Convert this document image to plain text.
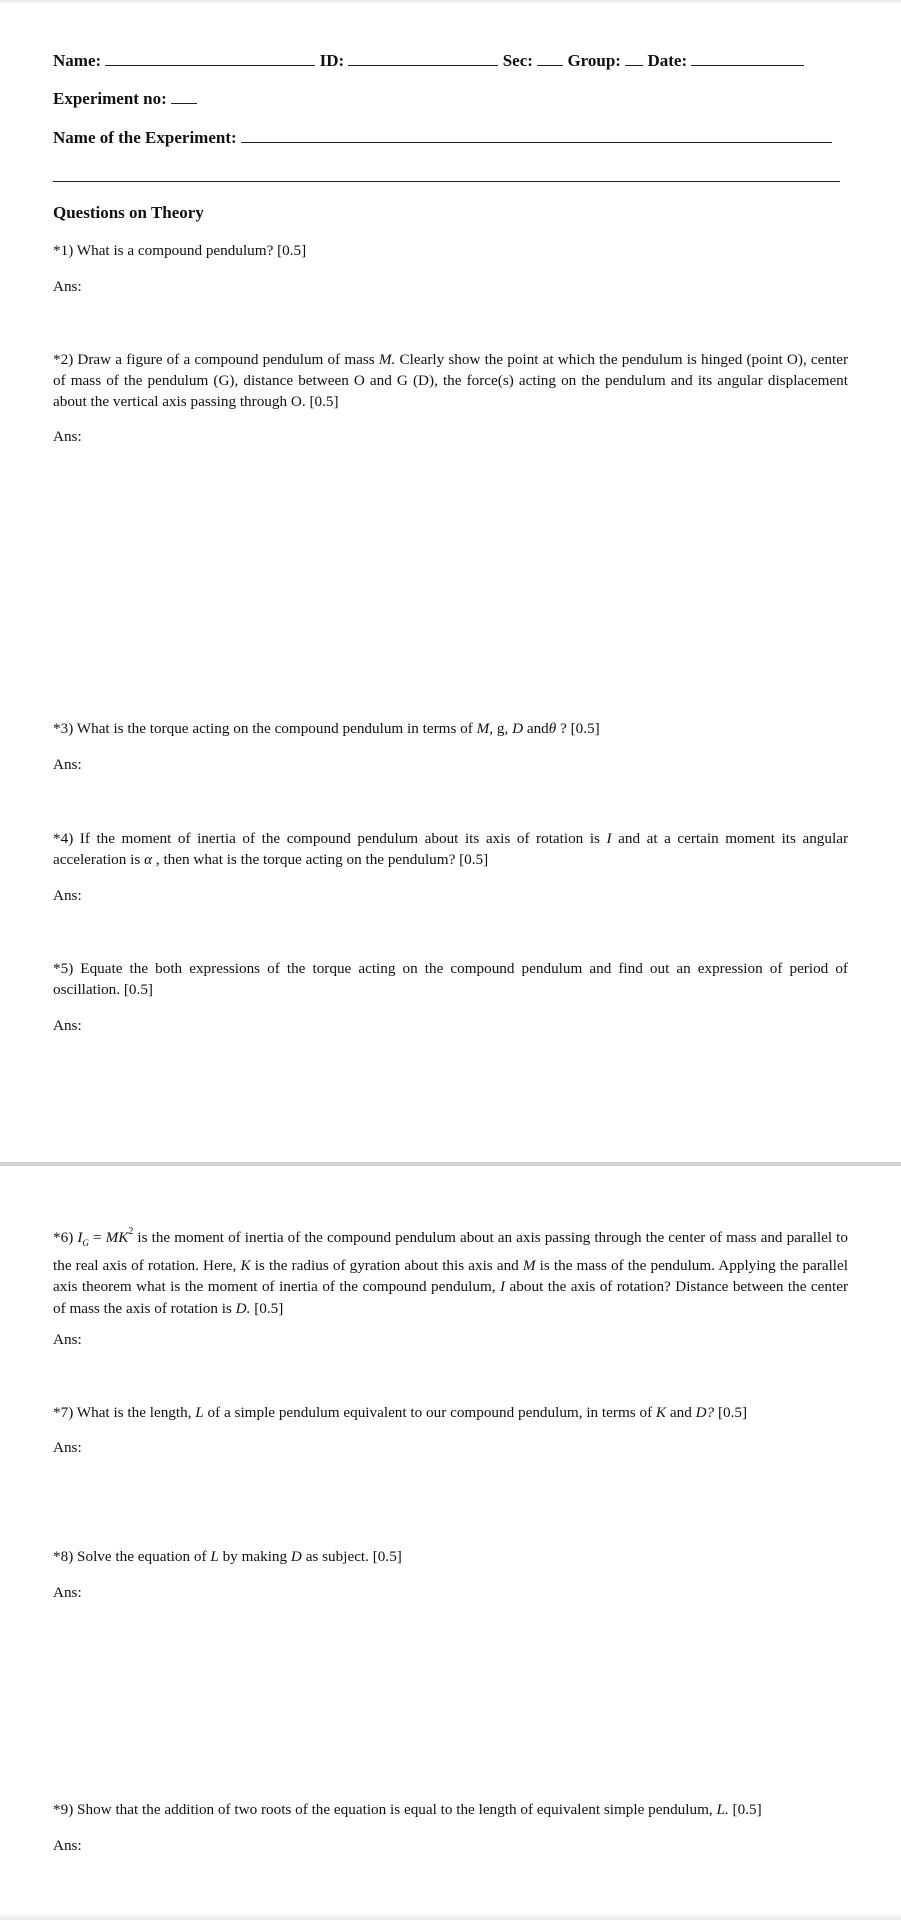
Name:	ID:	Sec: Group: Date:
Experiment no:
Name of the Experiment:
Questions on Theory
*1) What is a compound pendulum? [0.5]
Ans:
*2) Draw a figure of a compound pendulum of mass M. Clearly show the point at which the pendulum is hinged (point O), center of mass of the pendulum (G), distance between O and G (D), the force(s) acting on the pendulum and its angular displacement about the vertical axis passing through O. [0.5]
Ans:
*3) What is the torque acting on the compound pendulum in terms of M, g, D andθ ? [0.5]
Ans:
*4) If the moment of inertia of the compound pendulum about its axis of rotation is I and at a certain moment its angular acceleration is α , then what is the torque acting on the pendulum? [0.5]
Ans:
*5) Equate the both expressions of the torque acting on the compound pendulum and find out an expression of period of oscillation. [0.5]
Ans:
*6) $I_G = MK^2$ is the moment of inertia of the compound pendulum about an axis passing through the center of mass and parallel to the real axis of rotation. Here, K is the radius of gyration about this axis and M is the mass of the pendulum. Applying the parallel axis theorem what is the moment of inertia of the compound pendulum, I about the axis of rotation? Distance between the center of mass the axis of rotation is D. [0.5]
Ans:
*7) What is the length, L of a simple pendulum equivalent to our compound pendulum, in terms of K and D? [0.5]
Ans:
*8) Solve the equation of L by making D as subject. [0.5]
Ans:
*9) Show that the addition of two roots of the equation is equal to the length of equivalent simple pendulum, L. [0.5]
Ans:
